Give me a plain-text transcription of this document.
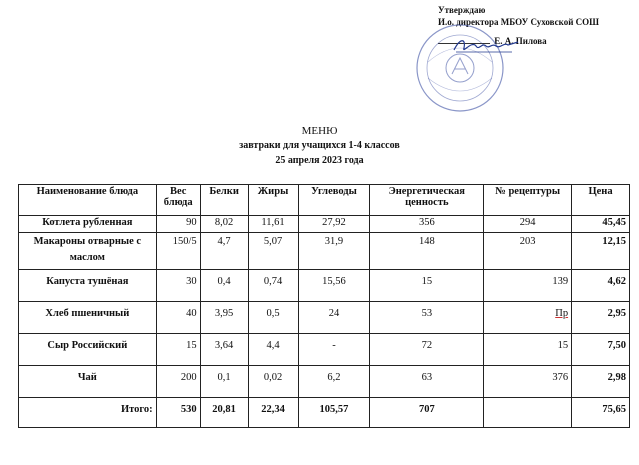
Утверждаю
И.о. директора МБОУ Суховской СОШ
Е. А. Пилова
МЕНЮ
завтраки для учащихся 1-4 классов
25 апреля 2023 года
Наименование блюда	Вес блюда	Белки	Жиры	Углеводы	Энергетическая ценность	№ рецептуры	Цена
Котлета рубленная	90	8,02	11,61	27,92	356	294	45,45
Макароны отварные с маслом	150/5	4,7	5,07	31,9	148	203	12,15
Капуста тушёная	30	0,4	0,74	15,56	15	139	4,62
Хлеб пшеничный	40	3,95	0,5	24	53	Пр	2,95
Сыр Российский	15	3,64	4,4	-	72	15	7,50
Чай	200	0,1	0,02	6,2	63	376	2,98
Итого:	530	20,81	22,34	105,57	707		75,65
